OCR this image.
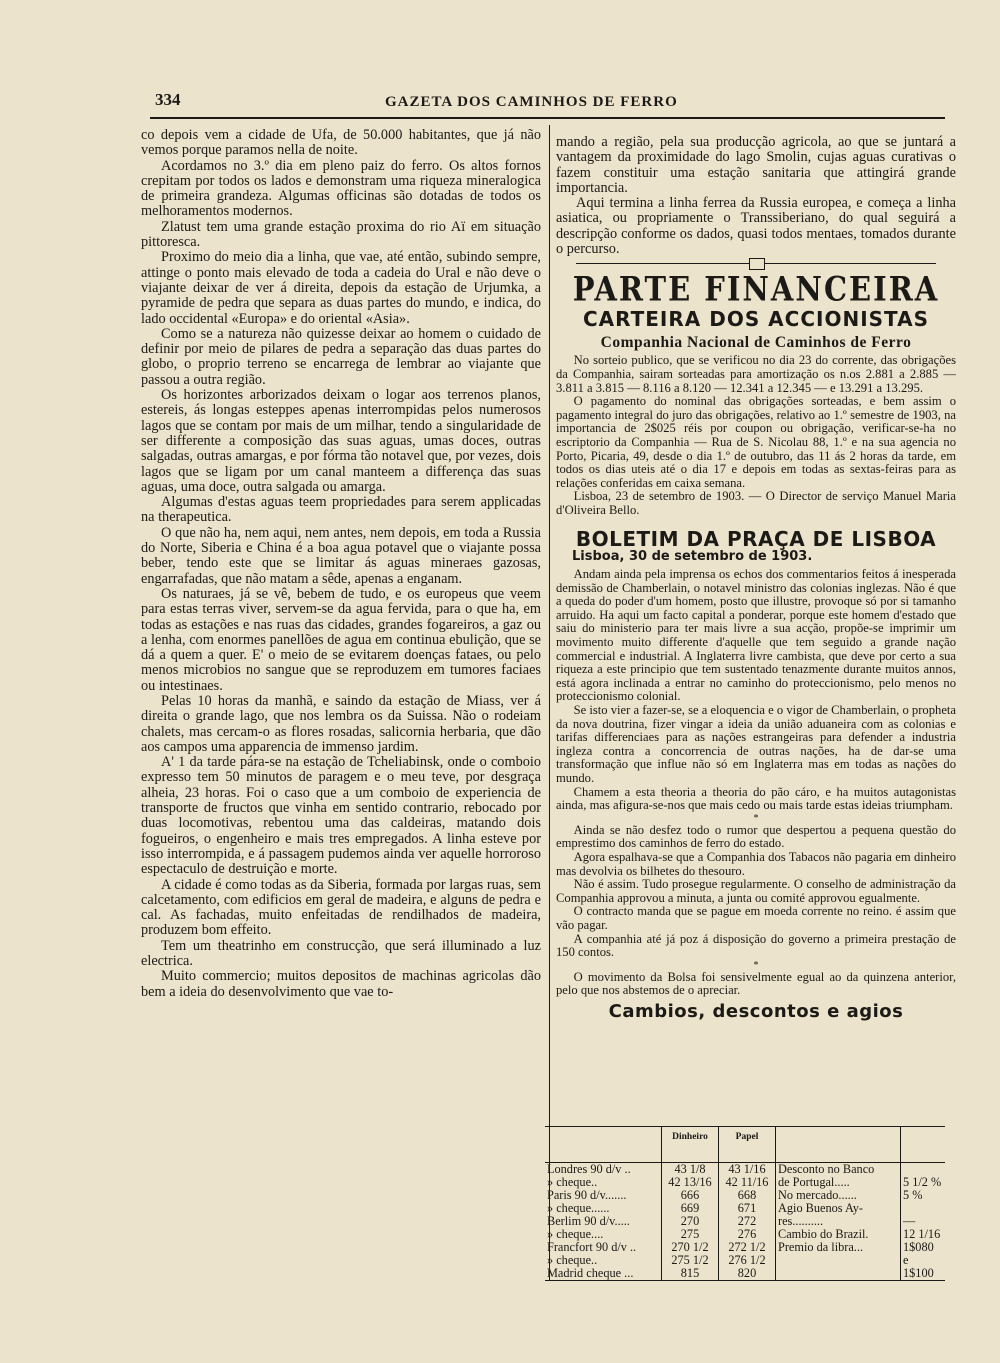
334	GAZETA DOS CAMINHOS DE FERRO

co depois vem a cidade de Ufa, de 50.000 habitantes, que já não vemos porque paramos nella de noite.

Acordamos no 3.º dia em pleno paiz do ferro. Os altos fornos crepitam por todos os lados e demonstram uma riqueza mineralogica de primeira grandeza. Algumas officinas são dotadas de todos os melhoramentos modernos.

Zlatust tem uma grande estação proxima do rio Aï em situação pittoresca.

Proximo do meio dia a linha, que vae, até então, subindo sempre, attinge o ponto mais elevado de toda a cadeia do Ural e não deve o viajante deixar de ver á direita, depois da estação de Urjumka, a pyramide de pedra que separa as duas partes do mundo, e indica, do lado occidental «Europa» e do oriental «Asia».

Como se a natureza não quizesse deixar ao homem o cuidado de definir por meio de pilares de pedra a separação das duas partes do globo, o proprio terreno se encarrega de lembrar ao viajante que passou a outra região.

Os horizontes arborizados deixam o logar aos terrenos planos, estereis, ás longas esteppes apenas interrompidas pelos numerosos lagos que se contam por mais de um milhar, tendo a singularidade de ser differente a composição das suas aguas, umas doces, outras salgadas, outras amargas, e por fórma tão notavel que, por vezes, dois lagos que se ligam por um canal manteem a differença das suas aguas, uma doce, outra salgada ou amarga.

Algumas d'estas aguas teem propriedades para serem applicadas na therapeutica.

O que não ha, nem aqui, nem antes, nem depois, em toda a Russia do Norte, Siberia e China é a boa agua potavel que o viajante possa beber, tendo este que se limitar ás aguas mineraes gazosas, engarrafadas, que não matam a sêde, apenas a enganam.

Os naturaes, já se vê, bebem de tudo, e os europeus que veem para estas terras viver, servem-se da agua fervida, para o que ha, em todas as estações e nas ruas das cidades, grandes fogareiros, a gaz ou a lenha, com enormes panellões de agua em continua ebulição, que se dá a quem a quer. E' o meio de se evitarem doenças fataes, ou pelo menos microbios no sangue que se reproduzem em tumores faciaes ou intestinaes.

Pelas 10 horas da manhã, e saindo da estação de Miass, ver á direita o grande lago, que nos lembra os da Suissa. Não o rodeiam chalets, mas cercam-o as flores rosadas, salicornia herbaria, que dão aos campos uma apparencia de immenso jardim.

A' 1 da tarde pára-se na estação de Tcheliabinsk, onde o comboio expresso tem 50 minutos de paragem e o meu teve, por desgraça alheia, 23 horas. Foi o caso que a um comboio de experiencia de transporte de fructos que vinha em sentido contrario, rebocado por duas locomotivas, rebentou uma das caldeiras, matando dois fogueiros, o engenheiro e mais tres empregados. A linha esteve por isso interrompida, e á passagem pudemos ainda ver aquelle horroroso espectaculo de destruição e morte.

A cidade é como todas as da Siberia, formada por largas ruas, sem calcetamento, com edificios em geral de madeira, e alguns de pedra e cal. As fachadas, muito enfeitadas de rendilhados de madeira, produzem bom effeito.

Tem um theatrinho em construcção, que será illuminado a luz electrica.

Muito commercio; muitos depositos de machinas agricolas dão bem a ideia do desenvolvimento que vae to-

mando a região, pela sua producção agricola, ao que se juntará a vantagem da proximidade do lago Smolin, cujas aguas curativas o fazem constituir uma estação sanitaria que attingirá grande importancia.

Aqui termina a linha ferrea da Russia europea, e começa a linha asiatica, ou propriamente o Transsiberiano, do qual seguirá a descripção conforme os dados, quasi todos mentaes, tomados durante o percurso.

PARTE FINANCEIRA
CARTEIRA DOS ACCIONISTAS
Companhia Nacional de Caminhos de Ferro

No sorteio publico, que se verificou no dia 23 do corrente, das obrigações da Companhia, sairam sorteadas para amortização os n.os 2.881 a 2.885 — 3.811 a 3.815 — 8.116 a 8.120 — 12.341 a 12.345 — e 13.291 a 13.295.

O pagamento do nominal das obrigações sorteadas, e bem assim o pagamento integral do juro das obrigações, relativo ao 1.º semestre de 1903, na importancia de 2$025 réis por coupon ou obrigação, verificar-se-ha no escriptorio da Companhia — Rua de S. Nicolau 88, 1.º e na sua agencia no Porto, Picaria, 49, desde o dia 1.º de outubro, das 11 ás 2 horas da tarde, em todos os dias uteis até o dia 17 e depois em todas as sextas-feiras para as relações conferidas em caixa semana.

Lisboa, 23 de setembro de 1903. — O Director de serviço Manuel Maria d'Oliveira Bello.

BOLETIM DA PRAÇA DE LISBOA
Lisboa, 30 de setembro de 1903.

Andam ainda pela imprensa os echos dos commentarios feitos á inesperada demissão de Chamberlain, o notavel ministro das colonias inglezas. Não é que a queda do poder d'um homem, posto que illustre, provoque só por si tamanho arruido. Ha aqui um facto capital a ponderar, porque este homem d'estado que saiu do ministerio para ter mais livre a sua acção, propõe-se imprimir um movimento muito differente d'aquelle que tem seguido a grande nação commercial e industrial. A Inglaterra livre cambista, que deve por certo a sua riqueza a este principio que tem sustentado tenazmente durante muitos annos, está agora inclinada a entrar no caminho do proteccionismo, pelo menos no proteccionismo colonial.

Se isto vier a fazer-se, se a eloquencia e o vigor de Chamberlain, o propheta da nova doutrina, fizer vingar a ideia da união aduaneira com as colonias e tarifas differenciaes para as nações estrangeiras para defender a industria ingleza contra a concorrencia de outras nações, ha de dar-se uma transformação que influe não só em Inglaterra mas em todas as nações do mundo.

Chamem a esta theoria a theoria do pão cáro, e ha muitos autagonistas ainda, mas afigura-se-nos que mais cedo ou mais tarde estas ideias triumpham.

*

Ainda se não desfez todo o rumor que despertou a pequena questão do emprestimo dos caminhos de ferro do estado.

Agora espalhava-se que a Companhia dos Tabacos não pagaria em dinheiro mas devolvia os bilhetes do thesouro.

Não é assim. Tudo prosegue regularmente. O conselho de administração da Companhia approvou a minuta, a junta ou comité approvou egualmente.

O contracto manda que se pague em moeda corrente no reino. é assim que vão pagar.

A companhia até já poz á disposição do governo a primeira prestação de 150 contos.

*

O movimento da Bolsa foi sensivelmente egual ao da quinzena anterior, pelo que nos abstemos de o apreciar.

Cambios, descontos e agios
	Dinheiro	Papel		
Londres 90 d/v ..	43 1/8	43 1/16	Desconto no Banco	
» cheque..	42 13/16	42 11/16	de Portugal.....	5 1/2 %
Paris 90 d/v.......	666	668	No mercado......	5 %
» cheque......	669	671	Agio Buenos Ay-	
Berlim 90 d/v.....	270	272	res..........	—
» cheque....	275	276	Cambio do Brazil.	12 1/16
Francfort 90 d/v ..	270 1/2	272 1/2	Premio da libra...	1$080
» cheque..	275 1/2	276 1/2		e
Madrid cheque ...	815	820		1$100
